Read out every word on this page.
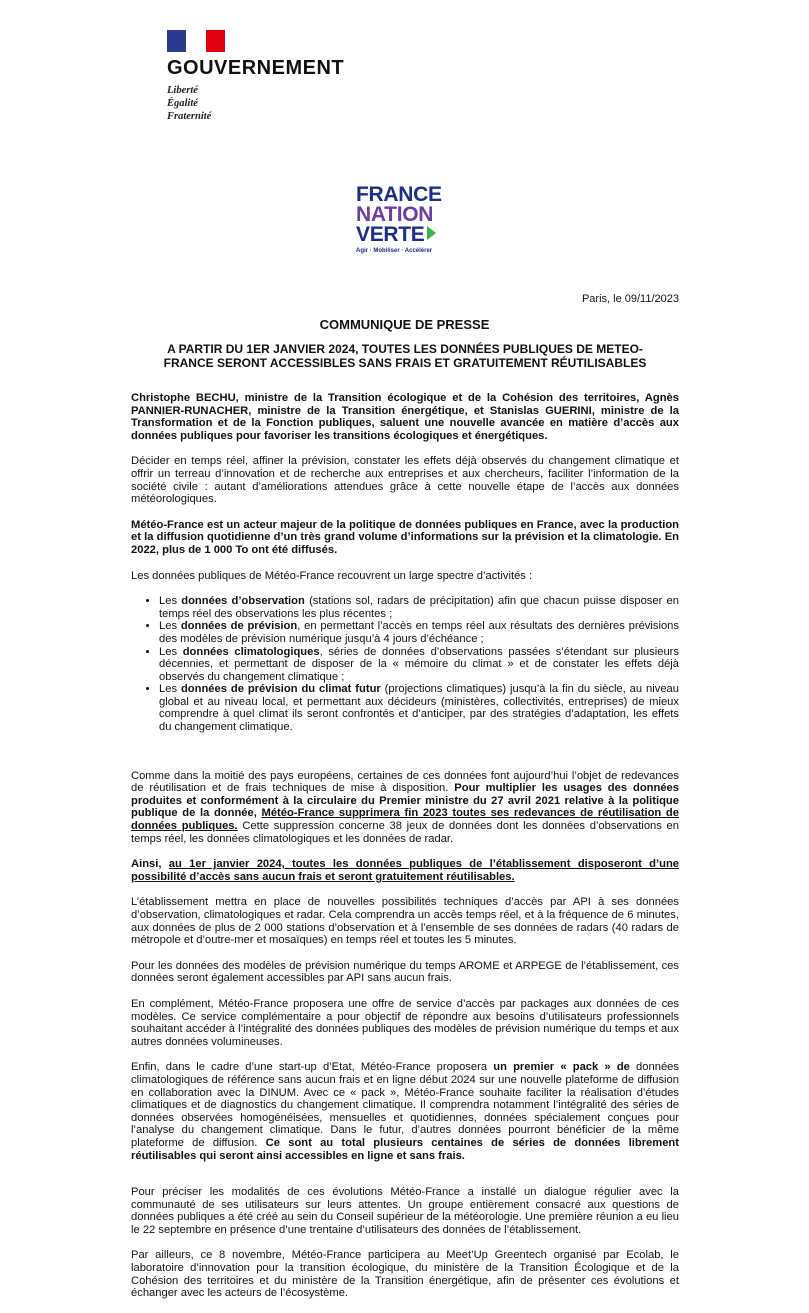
GOUVERNEMENT
Liberté
Égalité
Fraternité
FRANCE
NATION
VERTE
Agir · Mobiliser · Accélérer
Paris, le 09/11/2023
COMMUNIQUE DE PRESSE
A PARTIR DU 1ER JANVIER 2024, TOUTES LES DONNÉES PUBLIQUES DE METEO-FRANCE SERONT ACCESSIBLES SANS FRAIS ET GRATUITEMENT RÉUTILISABLES

Christophe BECHU, ministre de la Transition écologique et de la Cohésion des territoires, Agnès PANNIER-RUNACHER, ministre de la Transition énergétique, et Stanislas GUERINI, ministre de la Transformation et de la Fonction publiques, saluent une nouvelle avancée en matière d’accès aux données publiques pour favoriser les transitions écologiques et énergétiques.

Décider en temps réel, affiner la prévision, constater les effets déjà observés du changement climatique et offrir un terreau d’innovation et de recherche aux entreprises et aux chercheurs, faciliter l’information de la société civile : autant d’améliorations attendues grâce à cette nouvelle étape de l’accès aux données météorologiques.

Météo-France est un acteur majeur de la politique de données publiques en France, avec la production et la diffusion quotidienne d’un très grand volume d’informations sur la prévision et la climatologie. En 2022, plus de 1 000 To ont été diffusés.

Les données publiques de Météo-France recouvrent un large spectre d’activités :

• Les données d’observation (stations sol, radars de précipitation) afin que chacun puisse disposer en temps réel des observations les plus récentes ;
• Les données de prévision, en permettant l’accès en temps réel aux résultats des dernières prévisions des modèles de prévision numérique jusqu’à 4 jours d’échéance ;
• Les données climatologiques, séries de données d’observations passées s’étendant sur plusieurs décennies, et permettant de disposer de la « mémoire du climat » et de constater les effets déjà observés du changement climatique ;
• Les données de prévision du climat futur (projections climatiques) jusqu’à la fin du siècle, au niveau global et au niveau local, et permettant aux décideurs (ministères, collectivités, entreprises) de mieux comprendre à quel climat ils seront confrontés et d’anticiper, par des stratégies d’adaptation, les effets du changement climatique.

Comme dans la moitié des pays européens, certaines de ces données font aujourd’hui l’objet de redevances de réutilisation et de frais techniques de mise à disposition. Pour multiplier les usages des données produites et conformément à la circulaire du Premier ministre du 27 avril 2021 relative à la politique publique de la donnée, Météo-France supprimera fin 2023 toutes ses redevances de réutilisation de données publiques. Cette suppression concerne 38 jeux de données dont les données d’observations en temps réel, les données climatologiques et les données de radar.

Ainsi, au 1er janvier 2024, toutes les données publiques de l’établissement disposeront d’une possibilité d’accès sans aucun frais et seront gratuitement réutilisables.

L’établissement mettra en place de nouvelles possibilités techniques d’accès par API à ses données d’observation, climatologiques et radar. Cela comprendra un accès temps réel, et à la fréquence de 6 minutes, aux données de plus de 2 000 stations d’observation et à l’ensemble de ses données de radars (40 radars de métropole et d’outre-mer et mosaïques) en temps réel et toutes les 5 minutes.

Pour les données des modèles de prévision numérique du temps AROME et ARPEGE de l’établissement, ces données seront également accessibles par API sans aucun frais.

En complément, Météo-France proposera une offre de service d’accès par packages aux données de ces modèles. Ce service complémentaire a pour objectif de répondre aux besoins d’utilisateurs professionnels souhaitant accéder à l’intégralité des données publiques des modèles de prévision numérique du temps et aux autres données volumineuses.

Enfin, dans le cadre d’une start-up d’Etat, Météo-France proposera un premier « pack » de données climatologiques de référence sans aucun frais et en ligne début 2024 sur une nouvelle plateforme de diffusion en collaboration avec la DINUM. Avec ce « pack », Météo-France souhaite faciliter la réalisation d’études climatiques et de diagnostics du changement climatique. Il comprendra notamment l’intégralité des séries de données observées homogénéisées, mensuelles et quotidiennes, données spécialement conçues pour l’analyse du changement climatique. Dans le futur, d’autres données pourront bénéficier de la même plateforme de diffusion. Ce sont au total plusieurs centaines de séries de données librement réutilisables qui seront ainsi accessibles en ligne et sans frais.

Pour préciser les modalités de ces évolutions Météo-France a installé un dialogue régulier avec la communauté de ses utilisateurs sur leurs attentes. Un groupe entièrement consacré aux questions de données publiques a été créé au sein du Conseil supérieur de la météorologie. Une première réunion a eu lieu le 22 septembre en présence d’une trentaine d’utilisateurs des données de l’établissement.

Par ailleurs, ce 8 novembre, Météo-France participera au Meet’Up Greentech organisé par Ecolab, le laboratoire d’innovation pour la transition écologique, du ministère de la Transition Écologique et de la Cohésion des territoires et du ministère de la Transition énergétique, afin de présenter ces évolutions et échanger avec les acteurs de l’écosystème.
